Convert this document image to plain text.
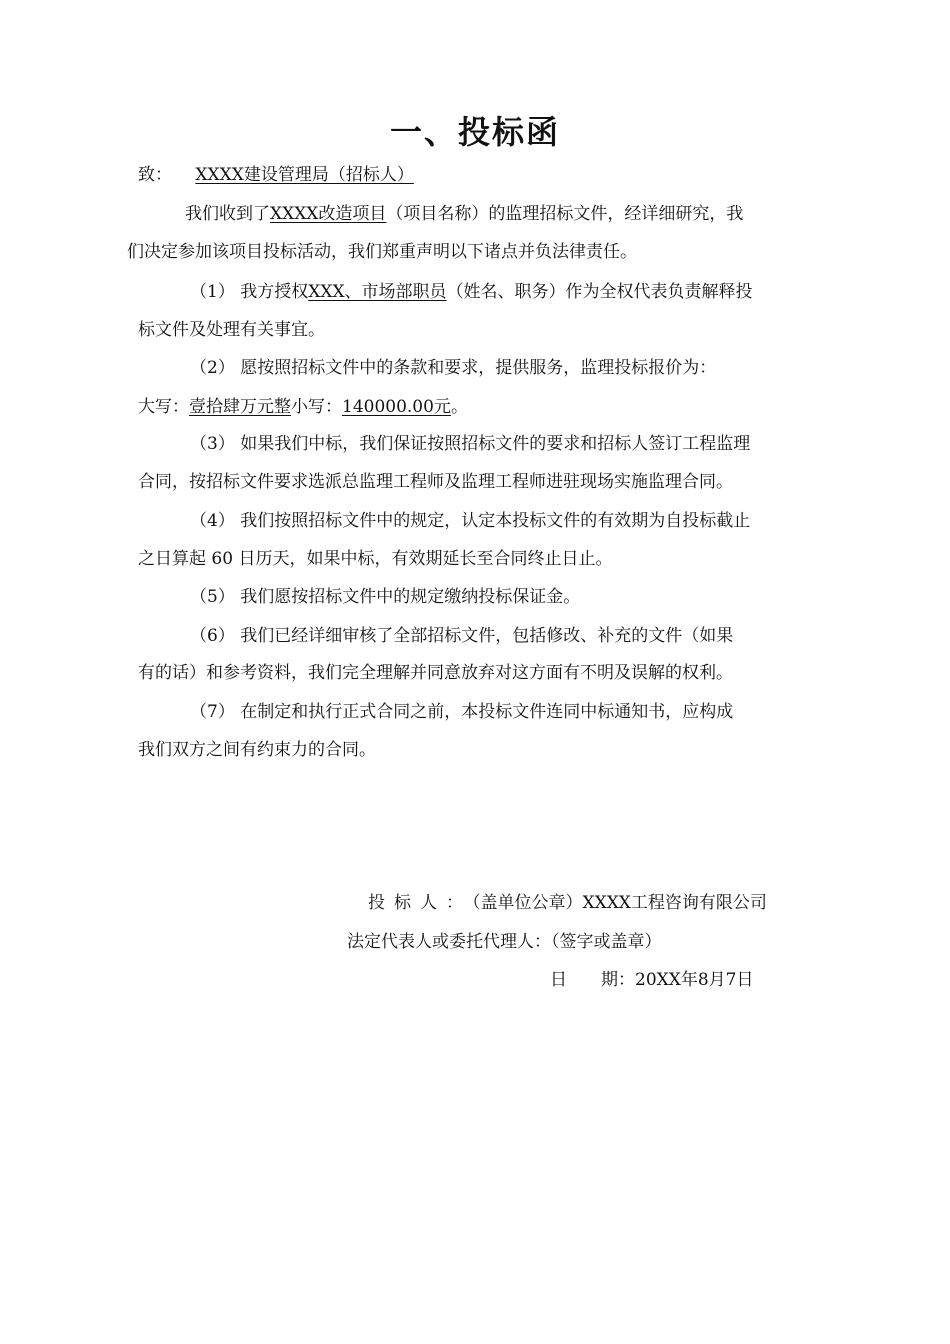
一、投标函
致： XXXX建设管理局（招标人）
我们收到了XXXX改造项目（项目名称）的监理招标文件，经详细研究，我
们决定参加该项目投标活动，我们郑重声明以下诸点并负法律责任。
（1） 我方授权XXX、市场部职员（姓名、职务）作为全权代表负责解释投
标文件及处理有关事宜。
（2） 愿按照招标文件中的条款和要求，提供服务，监理投标报价为：
大写：壹拾肆万元整小写：140000.00元。
（3） 如果我们中标，我们保证按照招标文件的要求和招标人签订工程监理
合同，按招标文件要求选派总监理工程师及监理工程师进驻现场实施监理合同。
（4） 我们按照招标文件中的规定，认定本投标文件的有效期为自投标截止
之日算起 60 日历天，如果中标，有效期延长至合同终止日止。
（5） 我们愿按招标文件中的规定缴纳投标保证金。
（6） 我们已经详细审核了全部招标文件，包括修改、补充的文件（如果
有的话）和参考资料，我们完全理解并同意放弃对这方面有不明及误解的权利。
（7） 在制定和执行正式合同之前，本投标文件连同中标通知书，应构成
我们双方之间有约束力的合同。
投标人：（盖单位公章）XXXX工程咨询有限公司
法定代表人或委托代理人：（签字或盖章）
日　　期：20XX年8月7日
